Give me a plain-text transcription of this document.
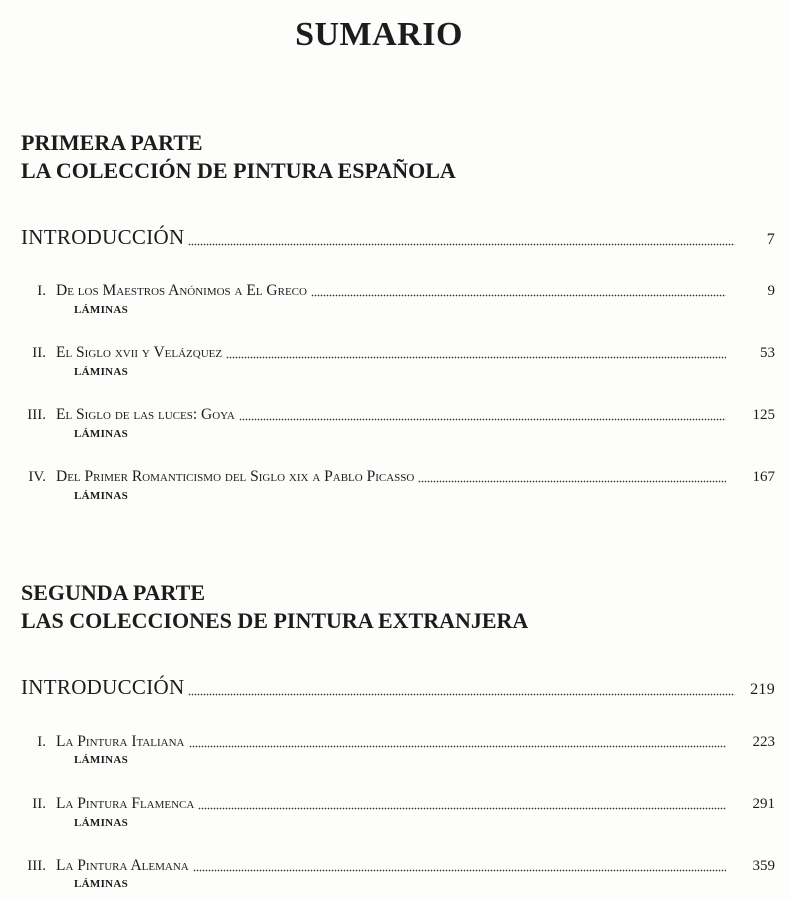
SUMARIO
PRIMERA PARTE
LA COLECCIÓN DE PINTURA ESPAÑOLA
INTRODUCCIÓN	7
I. De los Maestros Anónimos a El Greco	9
LÁMINAS
II. El Siglo xvii y Velázquez	53
LÁMINAS
III. El Siglo de las luces: Goya	125
LÁMINAS
IV. Del Primer Romanticismo del Siglo xix a Pablo Picasso	167
LÁMINAS
SEGUNDA PARTE
LAS COLECCIONES DE PINTURA EXTRANJERA
INTRODUCCIÓN	219
I. La Pintura Italiana	223
LÁMINAS
II. La Pintura Flamenca	291
LÁMINAS
III. La Pintura Alemana	359
LÁMINAS
